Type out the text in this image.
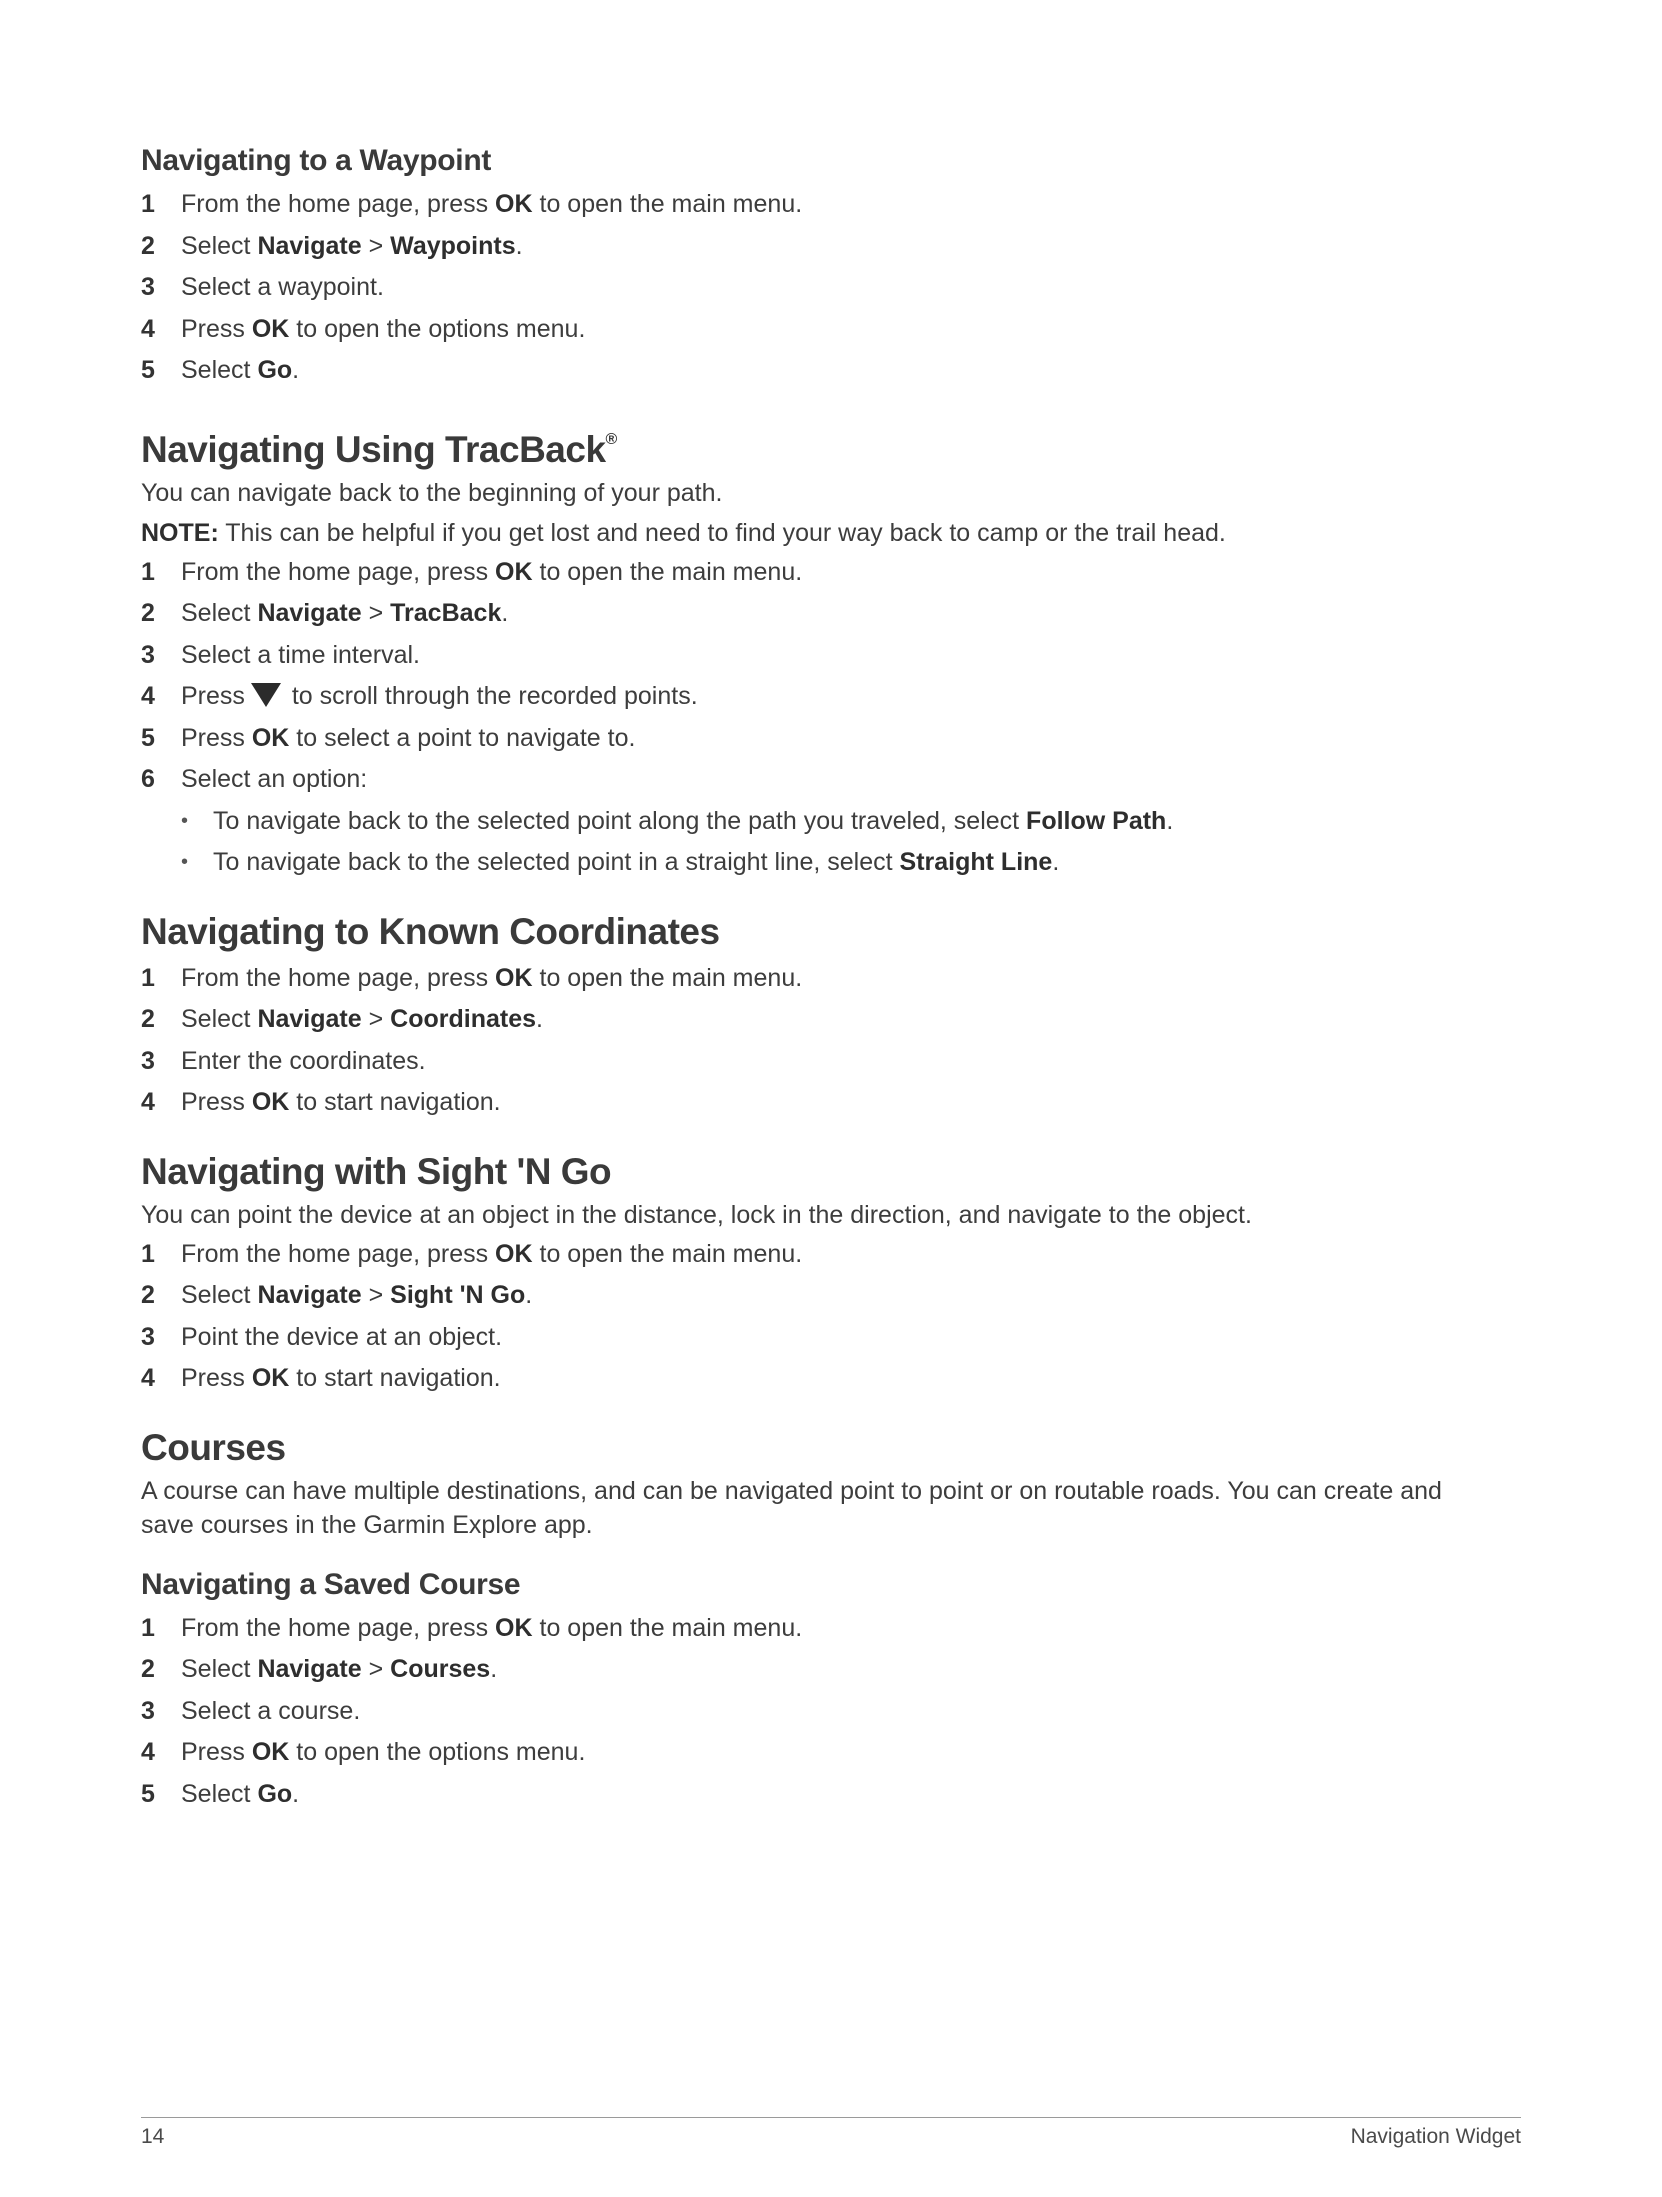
Navigating to a Waypoint
1 From the home page, press OK to open the main menu.
2 Select Navigate > Waypoints.
3 Select a waypoint.
4 Press OK to open the options menu.
5 Select Go.
Navigating Using TracBack®

You can navigate back to the beginning of your path.

NOTE: This can be helpful if you get lost and need to find your way back to camp or the trail head.

1 From the home page, press OK to open the main menu.
2 Select Navigate > TracBack.
3 Select a time interval.
4 Press to scroll through the recorded points.
5 Press OK to select a point to navigate to.
6 Select an option:
• To navigate back to the selected point along the path you traveled, select Follow Path.
• To navigate back to the selected point in a straight line, select Straight Line.
Navigating to Known Coordinates
1 From the home page, press OK to open the main menu.
2 Select Navigate > Coordinates.
3 Enter the coordinates.
4 Press OK to start navigation.
Navigating with Sight 'N Go

You can point the device at an object in the distance, lock in the direction, and navigate to the object.

1 From the home page, press OK to open the main menu.
2 Select Navigate > Sight 'N Go.
3 Point the device at an object.
4 Press OK to start navigation.
Courses

A course can have multiple destinations, and can be navigated point to point or on routable roads. You can create and save courses in the Garmin Explore app.

Navigating a Saved Course
1 From the home page, press OK to open the main menu.
2 Select Navigate > Courses.
3 Select a course.
4 Press OK to open the options menu.
5 Select Go.
14	Navigation Widget
